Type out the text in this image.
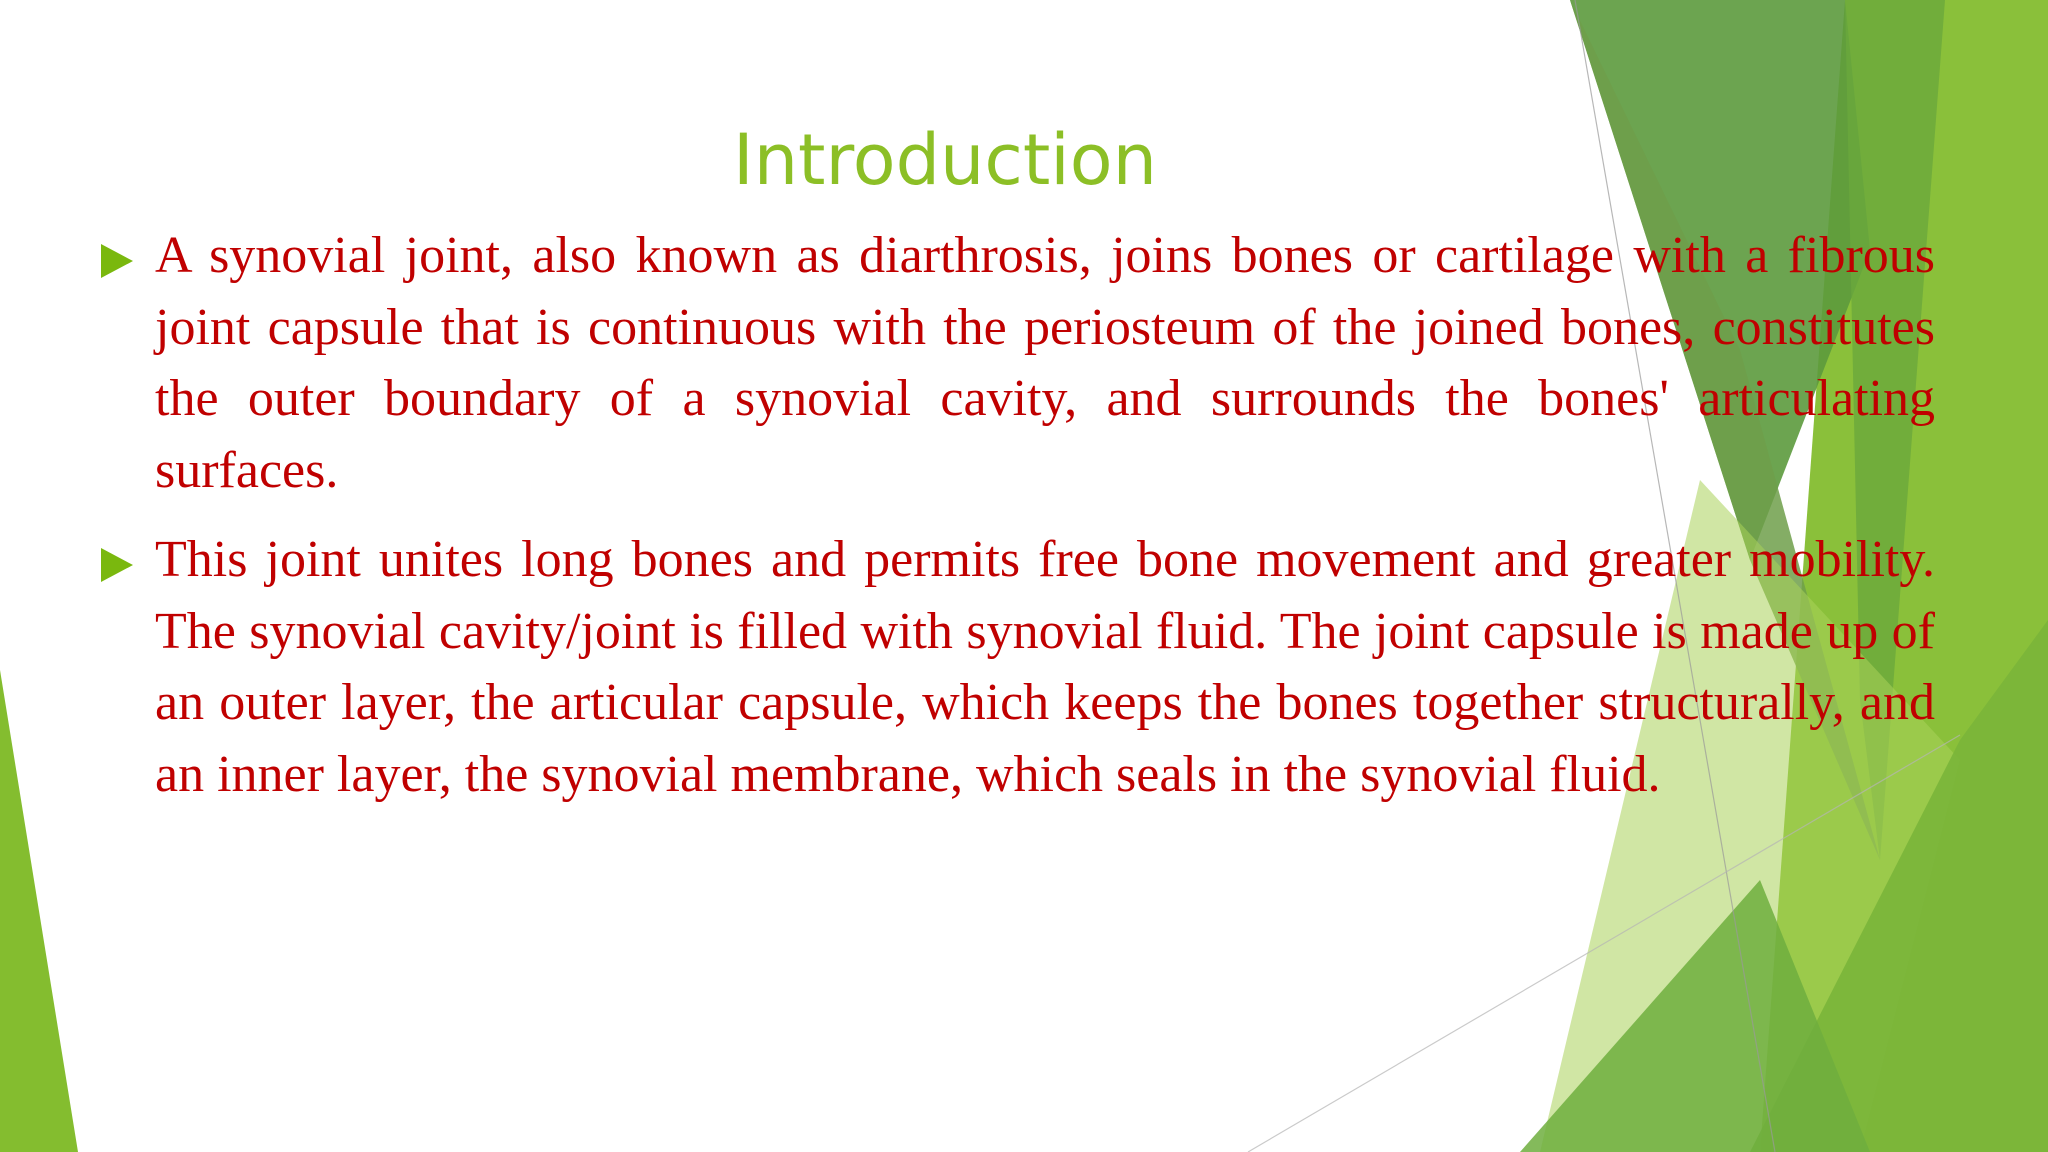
Introduction

A synovial joint, also known as diarthrosis, joins bones or cartilage with a fibrous joint capsule that is continuous with the periosteum of the joined bones, constitutes the outer boundary of a synovial cavity, and surrounds the bones' articulating surfaces.

This joint unites long bones and permits free bone movement and greater mobility. The synovial cavity/joint is filled with synovial fluid. The joint capsule is made up of an outer layer, the articular capsule, which keeps the bones together structurally, and an inner layer, the synovial membrane, which seals in the synovial fluid.
